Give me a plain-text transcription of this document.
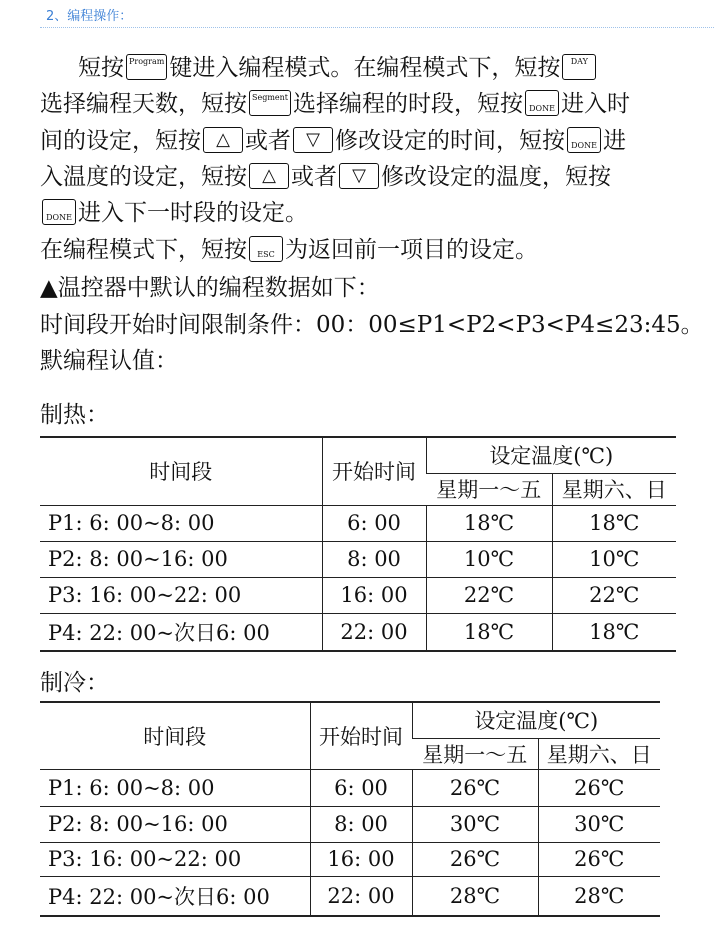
2、编程操作：
短按 Program 键进入编程模式。在编程模式下，短按 DAY
选择编程天数，短按 Segment 选择编程的时段，短按 DONE 进入时
间的设定，短按 △ 或者 ▽ 修改设定的时间，短按 DONE 进
入温度的设定，短按 △ 或者 ▽ 修改设定的温度，短按
DONE 进入下一时段的设定。
在编程模式下，短按 ESC 为返回前一项目的设定。
▲温控器中默认的编程数据如下：
时间段开始时间限制条件：00：00≤P1<P2<P3<P4≤23:45。
默编程认值：
制热：
时间段	开始时间	设定温度(℃)	
		星期一～五	星期六、日
P1: 6: 00~8: 00	6: 00	18℃	18℃
P2: 8: 00~16: 00	8: 00	10℃	10℃
P3: 16: 00~22: 00	16: 00	22℃	22℃
P4: 22: 00~次日6: 00	22: 00	18℃	18℃
制冷：
时间段	开始时间	设定温度(℃)	
		星期一～五	星期六、日
P1: 6: 00~8: 00	6: 00	26℃	26℃
P2: 8: 00~16: 00	8: 00	30℃	30℃
P3: 16: 00~22: 00	16: 00	26℃	26℃
P4: 22: 00~次日6: 00	22: 00	28℃	28℃
